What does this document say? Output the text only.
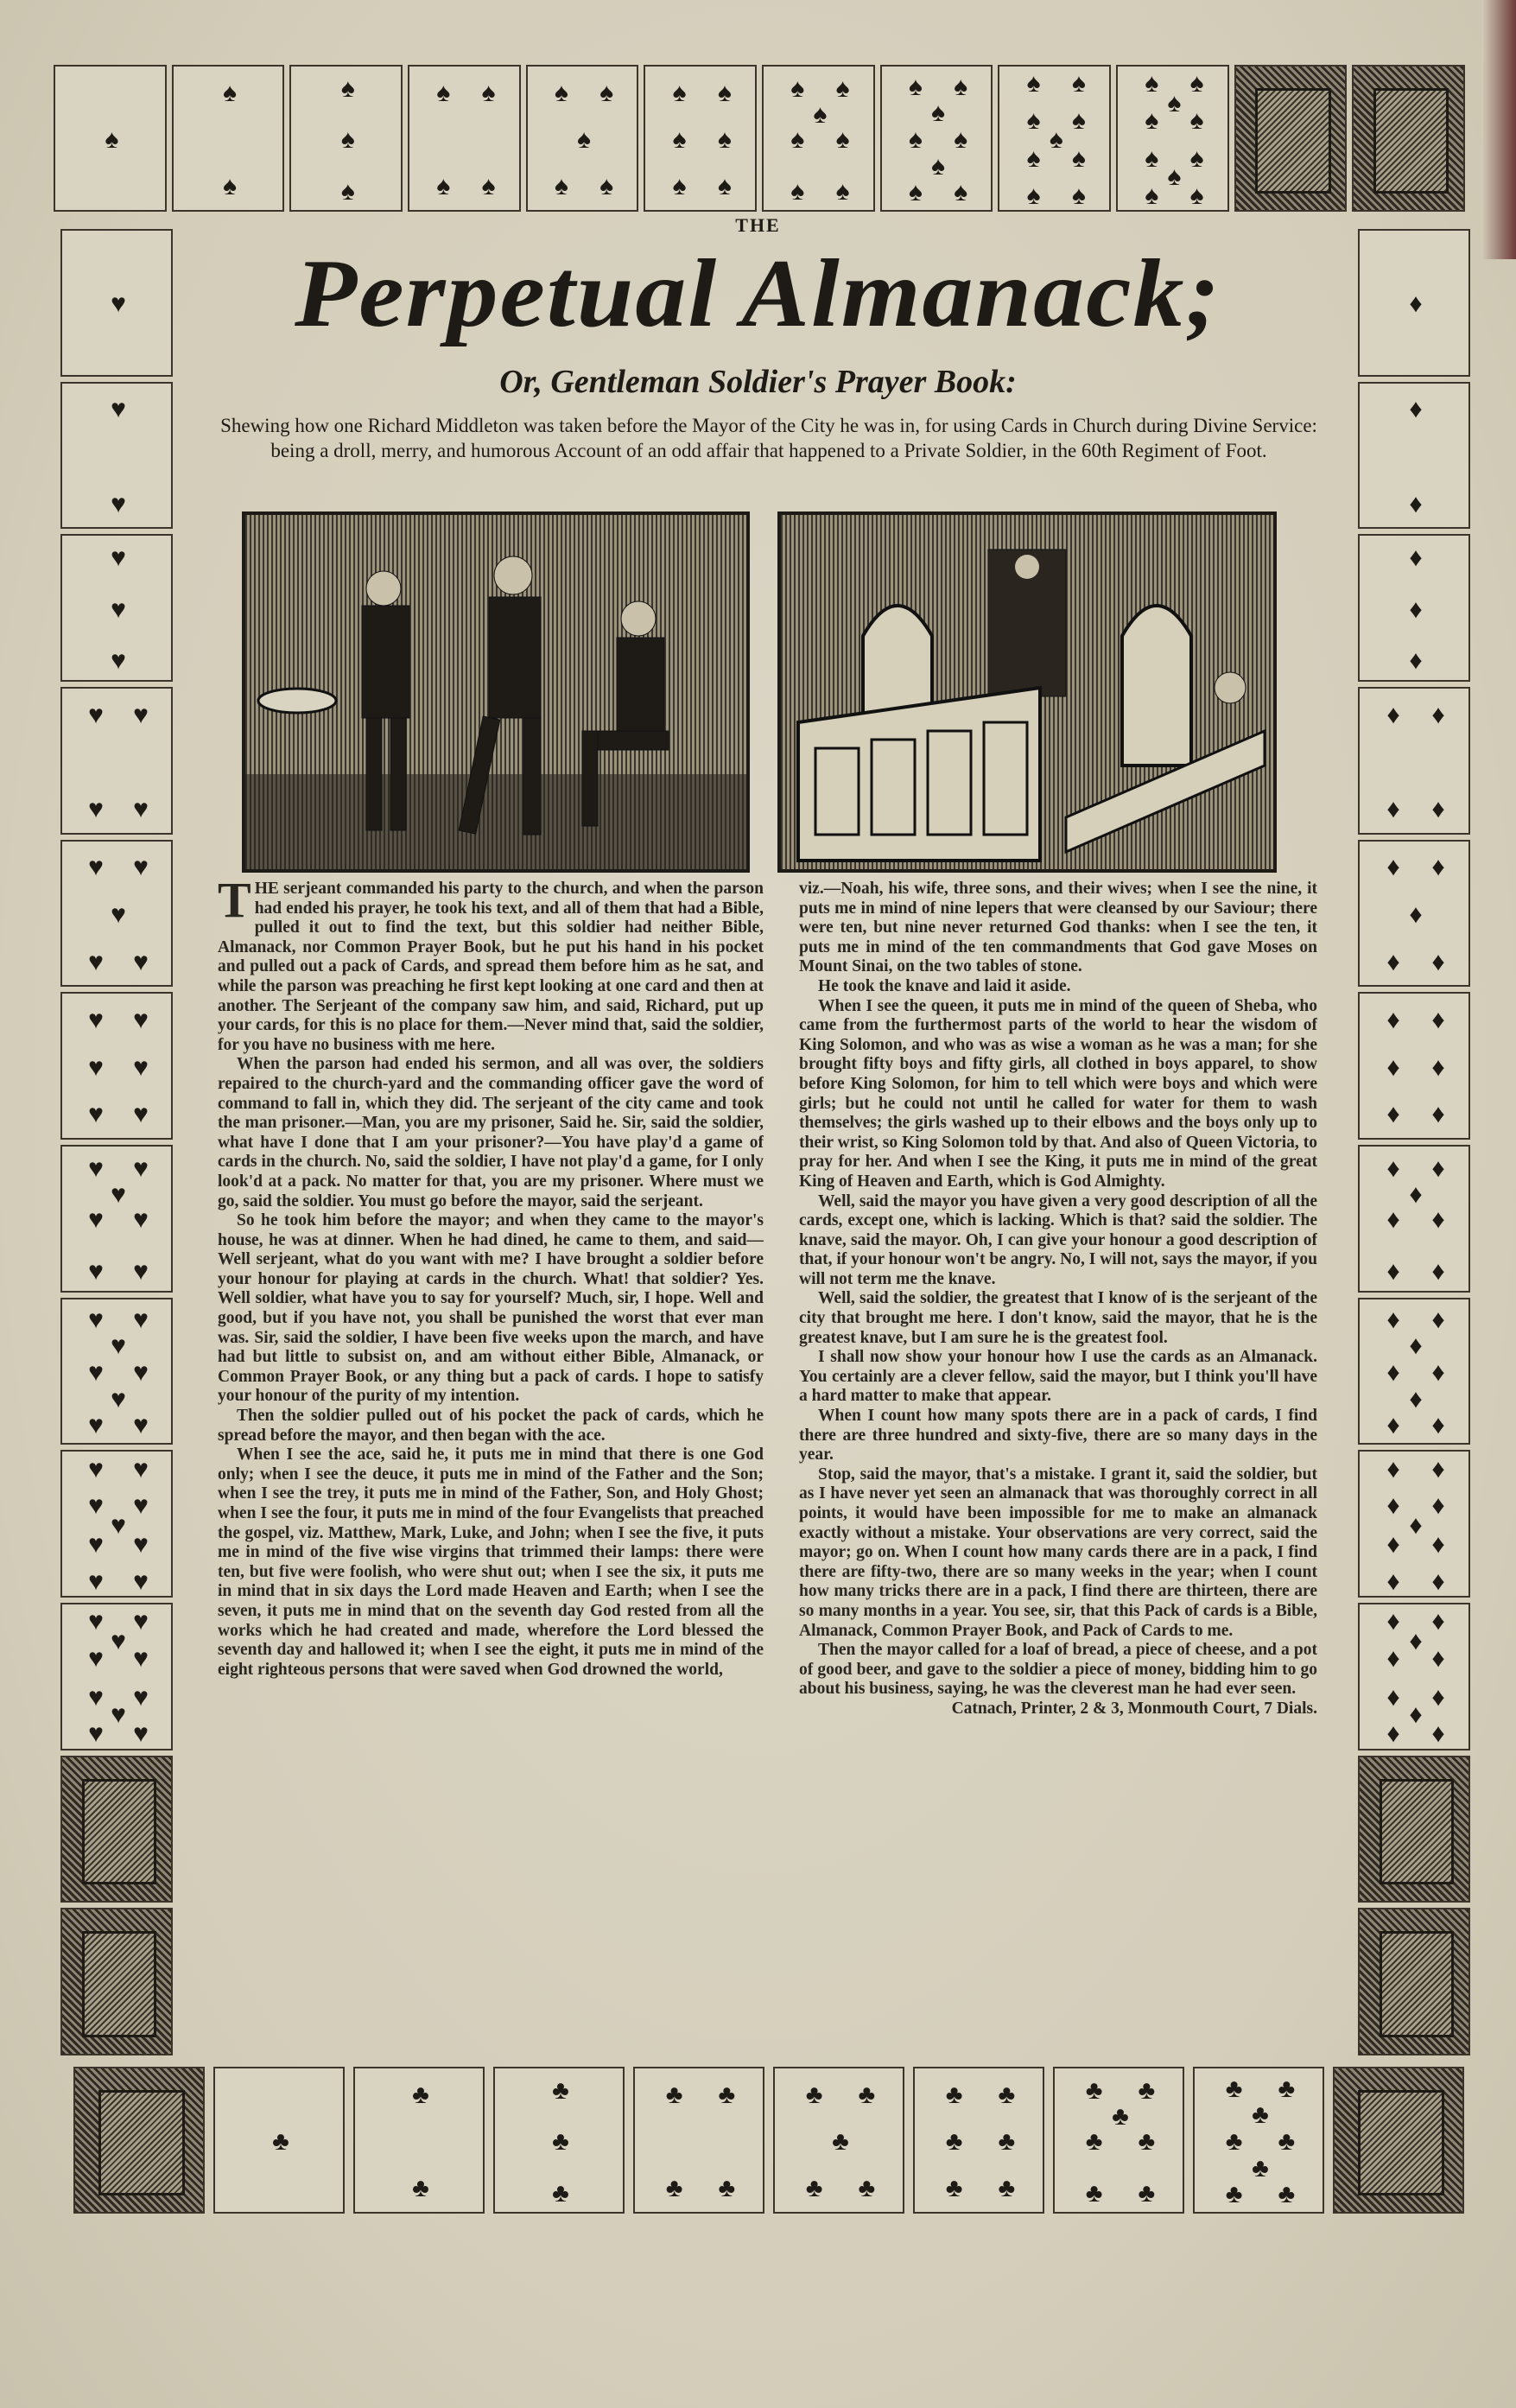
♠
♠
♠
♠
♠
♠
♠ ♠
♠ ♠
♠ ♠
♠
♠ ♠
♠ ♠
♠ ♠
♠ ♠
♠ ♠
♠
♠ ♠
♠ ♠
♠ ♠
♠
♠ ♠
♠
♠ ♠
♠ ♠
♠ ♠
♠
♠ ♠
♠ ♠
♠ ♠
♠
♠ ♠
♠ ♠
♠
♠ ♠
♥
♥
♥
♥
♥
♥
♥ ♥
♥ ♥
♥ ♥
♥
♥ ♥
♥ ♥
♥ ♥
♥ ♥
♥ ♥
♥
♥ ♥
♥ ♥
♥ ♥
♥
♥ ♥
♥
♥ ♥
♥ ♥
♥ ♥
♥
♥ ♥
♥ ♥
♥ ♥
♥
♥ ♥
♥ ♥
♥
♥ ♥
♦
♦
♦
♦
♦
♦
♦ ♦
♦ ♦
♦ ♦
♦
♦ ♦
♦ ♦
♦ ♦
♦ ♦
♦ ♦
♦
♦ ♦
♦ ♦
♦ ♦
♦
♦ ♦
♦
♦ ♦
♦ ♦
♦ ♦
♦
♦ ♦
♦ ♦
♦ ♦
♦
♦ ♦
♦ ♦
♦
♦ ♦
♣
♣
♣
♣
♣
♣
♣ ♣
♣ ♣
♣ ♣
♣
♣ ♣
♣ ♣
♣ ♣
♣ ♣
♣ ♣
♣
♣ ♣
♣ ♣
♣ ♣
♣
♣ ♣
♣
♣ ♣
THE
Perpetual Almanack;
Or, Gentleman Soldier's Prayer Book:
Shewing how one Richard Middleton was taken before the Mayor of the City he was in, for using Cards in Church during Divine Service: being a droll, merry, and humorous Account of an odd affair that happened to a Private Soldier, in the 60th Regiment of Foot.

THE serjeant commanded his party to the church, and when the parson had ended his prayer, he took his text, and all of them that had a Bible, pulled it out to find the text, but this soldier had neither Bible, Almanack, nor Common Prayer Book, but he put his hand in his pocket and pulled out a pack of Cards, and spread them before him as he sat, and while the parson was preaching he first kept looking at one card and then at another. The Serjeant of the company saw him, and said, Richard, put up your cards, for this is no place for them.—Never mind that, said the soldier, for you have no business with me here.

When the parson had ended his sermon, and all was over, the soldiers repaired to the church-yard and the commanding officer gave the word of command to fall in, which they did. The serjeant of the city came and took the man prisoner.—Man, you are my prisoner, Said he. Sir, said the soldier, what have I done that I am your prisoner?—You have play'd a game of cards in the church. No, said the soldier, I have not play'd a game, for I only look'd at a pack. No matter for that, you are my prisoner. Where must we go, said the soldier. You must go before the mayor, said the serjeant.

So he took him before the mayor; and when they came to the mayor's house, he was at dinner. When he had dined, he came to them, and said—Well serjeant, what do you want with me? I have brought a soldier before your honour for playing at cards in the church. What! that soldier? Yes. Well soldier, what have you to say for yourself? Much, sir, I hope. Well and good, but if you have not, you shall be punished the worst that ever man was. Sir, said the soldier, I have been five weeks upon the march, and have had but little to subsist on, and am without either Bible, Almanack, or Common Prayer Book, or any thing but a pack of cards. I hope to satisfy your honour of the purity of my intention.

Then the soldier pulled out of his pocket the pack of cards, which he spread before the mayor, and then began with the ace.

When I see the ace, said he, it puts me in mind that there is one God only; when I see the deuce, it puts me in mind of the Father and the Son; when I see the trey, it puts me in mind of the Father, Son, and Holy Ghost; when I see the four, it puts me in mind of the four Evangelists that preached the gospel, viz. Matthew, Mark, Luke, and John; when I see the five, it puts me in mind of the five wise virgins that trimmed their lamps: there were ten, but five were foolish, who were shut out; when I see the six, it puts me in mind that in six days the Lord made Heaven and Earth; when I see the seven, it puts me in mind that on the seventh day God rested from all the works which he had created and made, wherefore the Lord blessed the seventh day and hallowed it; when I see the eight, it puts me in mind of the eight righteous persons that were saved when God drowned the world,

viz.—Noah, his wife, three sons, and their wives; when I see the nine, it puts me in mind of nine lepers that were cleansed by our Saviour; there were ten, but nine never returned God thanks: when I see the ten, it puts me in mind of the ten commandments that God gave Moses on Mount Sinai, on the two tables of stone.

He took the knave and laid it aside.

When I see the queen, it puts me in mind of the queen of Sheba, who came from the furthermost parts of the world to hear the wisdom of King Solomon, and who was as wise a woman as he was a man; for she brought fifty boys and fifty girls, all clothed in boys apparel, to show before King Solomon, for him to tell which were boys and which were girls; but he could not until he called for water for them to wash themselves; the girls washed up to their elbows and the boys only up to their wrist, so King Solomon told by that. And also of Queen Victoria, to pray for her. And when I see the King, it puts me in mind of the great King of Heaven and Earth, which is God Almighty.

Well, said the mayor you have given a very good description of all the cards, except one, which is lacking. Which is that? said the soldier. The knave, said the mayor. Oh, I can give your honour a good description of that, if your honour won't be angry. No, I will not, says the mayor, if you will not term me the knave.

Well, said the soldier, the greatest that I know of is the serjeant of the city that brought me here. I don't know, said the mayor, that he is the greatest knave, but I am sure he is the greatest fool.

I shall now show your honour how I use the cards as an Almanack. You certainly are a clever fellow, said the mayor, but I think you'll have a hard matter to make that appear.

When I count how many spots there are in a pack of cards, I find there are three hundred and sixty-five, there are so many days in the year.

Stop, said the mayor, that's a mistake. I grant it, said the soldier, but as I have never yet seen an almanack that was thoroughly correct in all points, it would have been impossible for me to make an almanack exactly without a mistake. Your observations are very correct, said the mayor; go on. When I count how many cards there are in a pack, I find there are fifty-two, there are so many weeks in the year; when I count how many tricks there are in a pack, I find there are thirteen, there are so many months in a year. You see, sir, that this Pack of cards is a Bible, Almanack, Common Prayer Book, and Pack of Cards to me.

Then the mayor called for a loaf of bread, a piece of cheese, and a pot of good beer, and gave to the soldier a piece of money, bidding him to go about his business, saying, he was the cleverest man he had ever seen.

Catnach, Printer, 2 & 3, Monmouth Court, 7 Dials.
